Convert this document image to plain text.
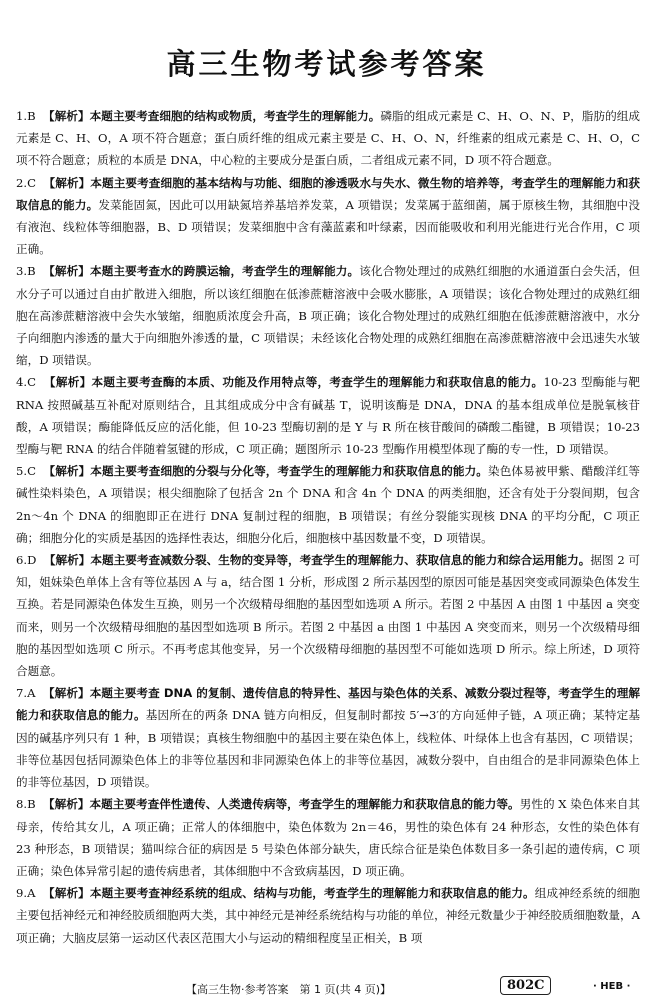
高三生物考试参考答案

1.B 【解析】本题主要考查细胞的结构或物质，考查学生的理解能力。磷脂的组成元素是 C、H、O、N、P，脂肪的组成元素是 C、H、O，A 项不符合题意；蛋白质纤维的组成元素主要是 C、H、O、N，纤维素的组成元素是 C、H、O，C 项不符合题意；质粒的本质是 DNA，中心粒的主要成分是蛋白质，二者组成元素不同，D 项不符合题意。

2.C 【解析】本题主要考查细胞的基本结构与功能、细胞的渗透吸水与失水、微生物的培养等，考查学生的理解能力和获取信息的能力。发菜能固氮，因此可以用缺氮培养基培养发菜，A 项错误；发菜属于蓝细菌，属于原核生物，其细胞中没有液泡、线粒体等细胞器，B、D 项错误；发菜细胞中含有藻蓝素和叶绿素，因而能吸收和利用光能进行光合作用，C 项正确。

3.B 【解析】本题主要考查水的跨膜运输，考查学生的理解能力。该化合物处理过的成熟红细胞的水通道蛋白会失活，但水分子可以通过自由扩散进入细胞，所以该红细胞在低渗蔗糖溶液中会吸水膨胀，A 项错误；该化合物处理过的成熟红细胞在高渗蔗糖溶液中会失水皱缩，细胞质浓度会升高，B 项正确；该化合物处理过的成熟红细胞在低渗蔗糖溶液中，水分子向细胞内渗透的量大于向细胞外渗透的量，C 项错误；未经该化合物处理的成熟红细胞在高渗蔗糖溶液中会迅速失水皱缩，D 项错误。

4.C 【解析】本题主要考查酶的本质、功能及作用特点等，考查学生的理解能力和获取信息的能力。10-23 型酶能与靶 RNA 按照碱基互补配对原则结合，且其组成成分中含有碱基 T，说明该酶是 DNA，DNA 的基本组成单位是脱氧核苷酸，A 项错误；酶能降低反应的活化能，但 10-23 型酶切割的是 Y 与 R 所在核苷酸间的磷酸二酯键，B 项错误；10-23 型酶与靶 RNA 的结合伴随着氢键的形成，C 项正确；题图所示 10-23 型酶作用模型体现了酶的专一性，D 项错误。

5.C 【解析】本题主要考查细胞的分裂与分化等，考查学生的理解能力和获取信息的能力。染色体易被甲紫、醋酸洋红等碱性染料染色，A 项错误；根尖细胞除了包括含 2n 个 DNA 和含 4n 个 DNA 的两类细胞，还含有处于分裂间期，包含 2n～4n 个 DNA 的细胞即正在进行 DNA 复制过程的细胞，B 项错误；有丝分裂能实现核 DNA 的平均分配，C 项正确；细胞分化的实质是基因的选择性表达，细胞分化后，细胞核中基因数量不变，D 项错误。

6.D 【解析】本题主要考查减数分裂、生物的变异等，考查学生的理解能力、获取信息的能力和综合运用能力。据图 2 可知，姐妹染色单体上含有等位基因 A 与 a，结合图 1 分析，形成图 2 所示基因型的原因可能是基因突变或同源染色体发生互换。若是同源染色体发生互换，则另一个次级精母细胞的基因型如选项 A 所示。若图 2 中基因 A 由图 1 中基因 a 突变而来，则另一个次级精母细胞的基因型如选项 B 所示。若图 2 中基因 a 由图 1 中基因 A 突变而来，则另一个次级精母细胞的基因型如选项 C 所示。不再考虑其他变异，另一个次级精母细胞的基因型不可能如选项 D 所示。综上所述，D 项符合题意。

7.A 【解析】本题主要考查 DNA 的复制、遗传信息的特异性、基因与染色体的关系、减数分裂过程等，考查学生的理解能力和获取信息的能力。基因所在的两条 DNA 链方向相反，但复制时都按 5′→3′的方向延伸子链，A 项正确；某特定基因的碱基序列只有 1 种，B 项错误；真核生物细胞中的基因主要在染色体上，线粒体、叶绿体上也含有基因，C 项错误；非等位基因包括同源染色体上的非等位基因和非同源染色体上的非等位基因，减数分裂中，自由组合的是非同源染色体上的非等位基因，D 项错误。

8.B 【解析】本题主要考查伴性遗传、人类遗传病等，考查学生的理解能力和获取信息的能力等。男性的 X 染色体来自其母亲，传给其女儿，A 项正确；正常人的体细胞中，染色体数为 2n＝46，男性的染色体有 24 种形态，女性的染色体有 23 种形态，B 项错误；猫叫综合征的病因是 5 号染色体部分缺失，唐氏综合征是染色体数目多一条引起的遗传病，C 项正确；染色体异常引起的遗传病患者，其体细胞中不含致病基因，D 项正确。

9.A 【解析】本题主要考查神经系统的组成、结构与功能，考查学生的理解能力和获取信息的能力。组成神经系统的细胞主要包括神经元和神经胶质细胞两大类，其中神经元是神经系统结构与功能的单位，神经元数量少于神经胶质细胞数量，A 项正确；大脑皮层第一运动区代表区范围大小与运动的精细程度呈正相关，B 项

【高三生物·参考答案　第 1 页(共 4 页)】	802C	· HEB ·
